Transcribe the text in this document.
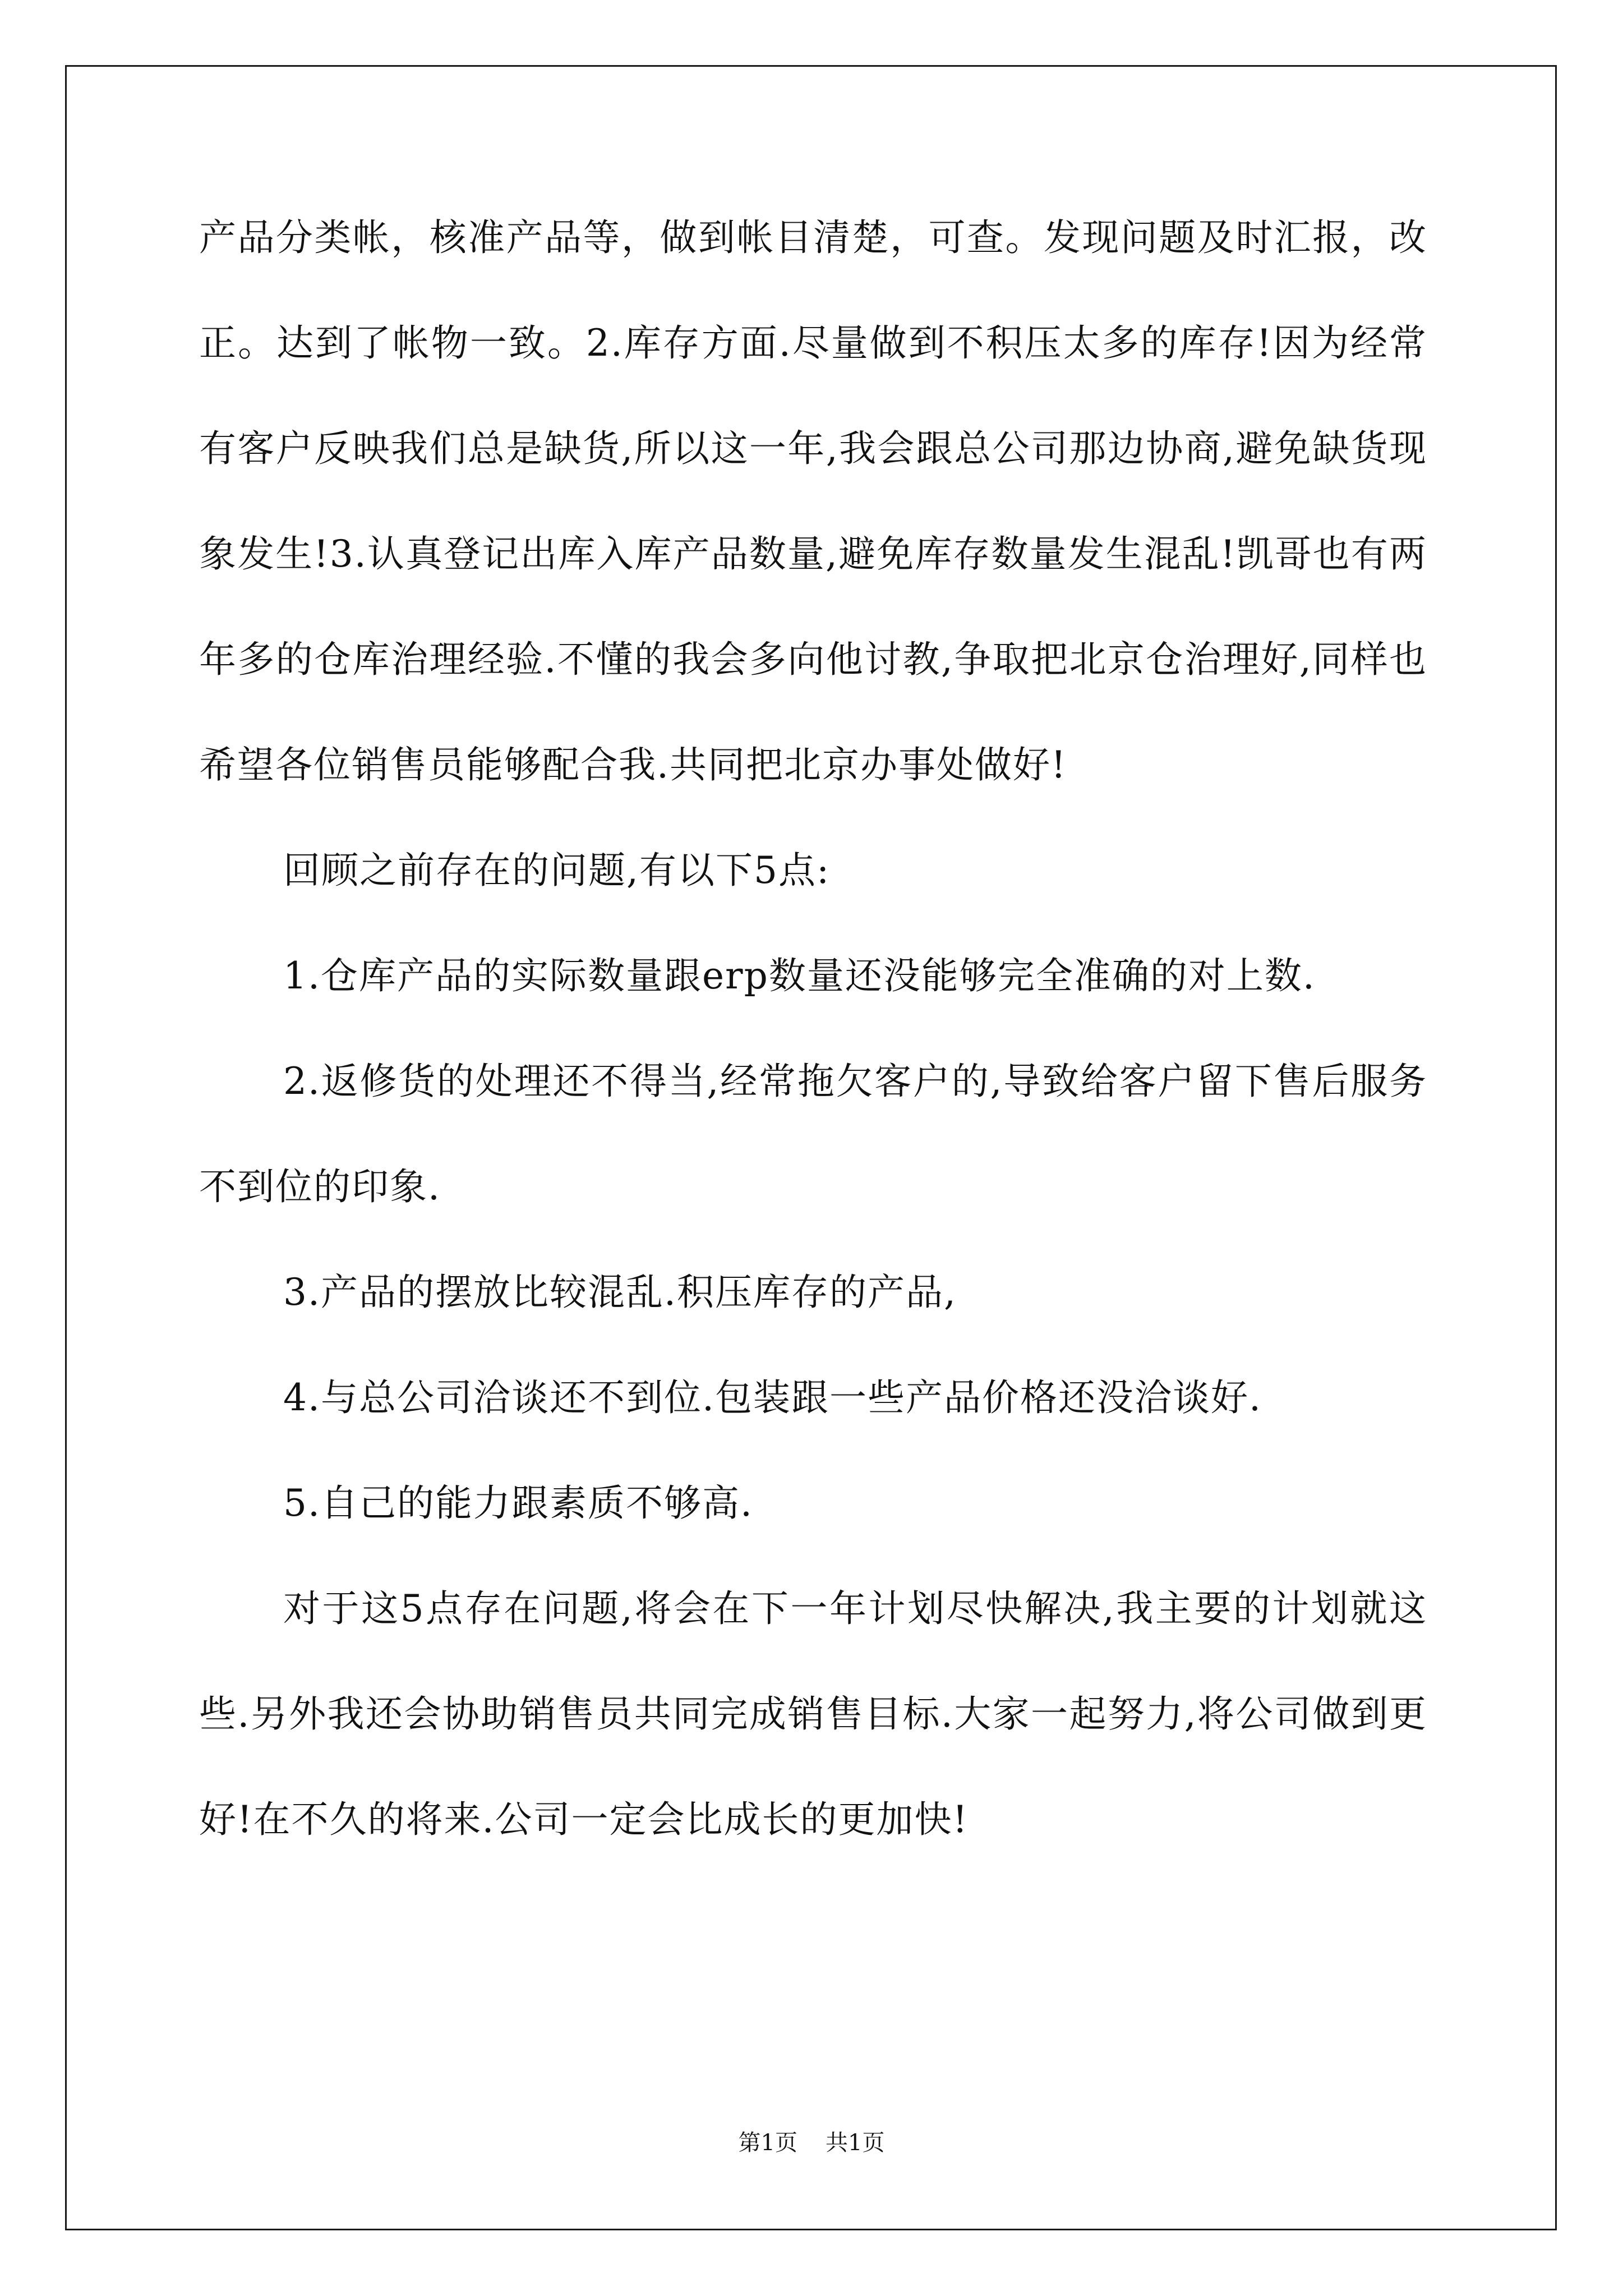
产品分类帐，核准产品等，做到帐目清楚，可查。发现问题及时汇报，改正。达到了帐物一致。2.库存方面.尽量做到不积压太多的库存!因为经常有客户反映我们总是缺货,所以这一年,我会跟总公司那边协商,避免缺货现象发生!3.认真登记出库入库产品数量,避免库存数量发生混乱!凯哥也有两年多的仓库治理经验.不懂的我会多向他讨教,争取把北京仓治理好,同样也希望各位销售员能够配合我.共同把北京办事处做好!

回顾之前存在的问题,有以下5点:

1.仓库产品的实际数量跟erp数量还没能够完全准确的对上数.

2.返修货的处理还不得当,经常拖欠客户的,导致给客户留下售后服务不到位的印象.

3.产品的摆放比较混乱.积压库存的产品,

4.与总公司洽谈还不到位.包装跟一些产品价格还没洽谈好.

5.自己的能力跟素质不够高.

对于这5点存在问题,将会在下一年计划尽快解决,我主要的计划就这些.另外我还会协助销售员共同完成销售目标.大家一起努力,将公司做到更好!在不久的将来.公司一定会比成长的更加快!

第1页 共1页
